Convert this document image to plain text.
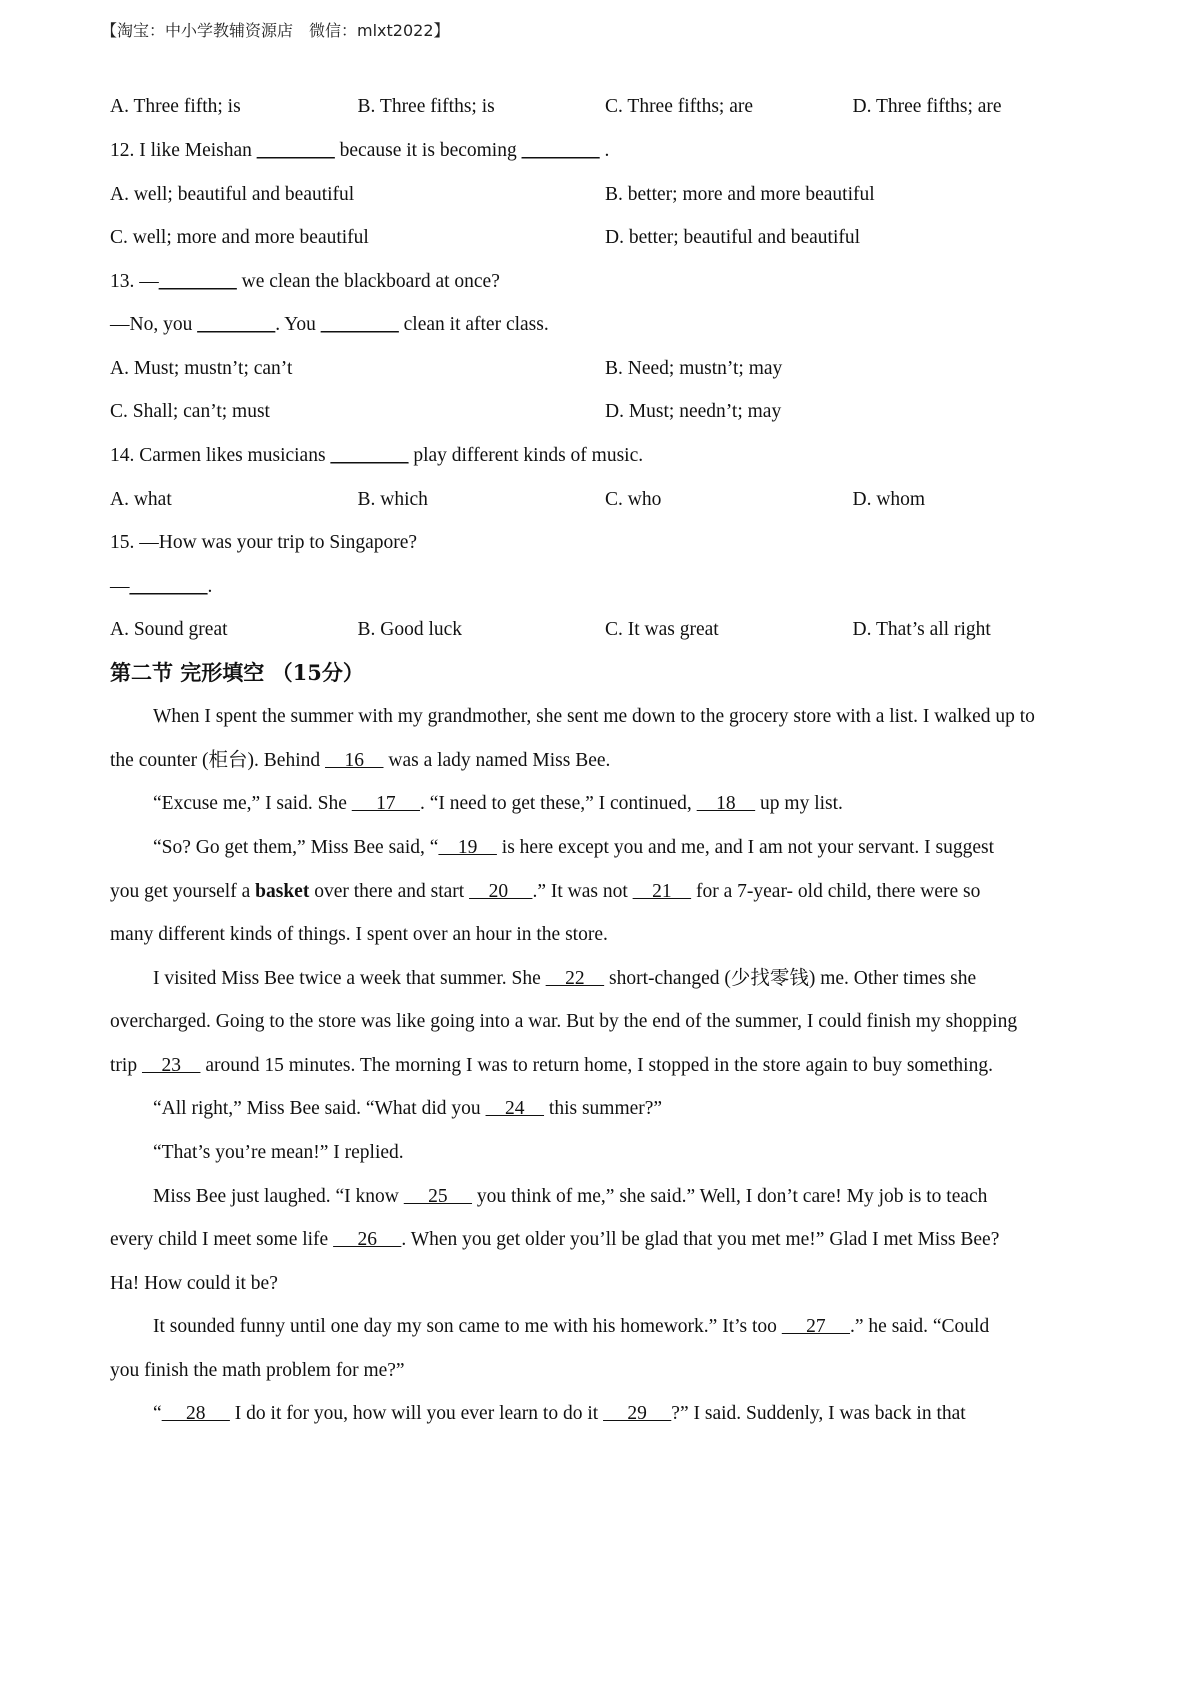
【淘宝：中小学教辅资源店　微信：mlxt2022】
A. Three fifth; is	B. Three fifths; is	C. Three fifths; are	D. Three fifths; are
12. I like Meishan ________ because it is becoming ________ .
A. well; beautiful and beautiful	B. better; more and more beautiful
C. well; more and more beautiful	D. better; beautiful and beautiful
13. —________ we clean the blackboard at once?
—No, you ________. You ________ clean it after class.
A. Must; mustn’t; can’t	B. Need; mustn’t; may
C. Shall; can’t; must	D. Must; needn’t; may
14. Carmen likes musicians ________ play different kinds of music.
A. what	B. which	C. who	D. whom
15. —How was your trip to Singapore?
—________.
A. Sound great	B. Good luck	C. It was great	D. That’s all right
第二节 完形填空 （15分）
When I spent the summer with my grandmother, she sent me down to the grocery store with a list. I walked up to
the counter (柜台). Behind     16     was a lady named Miss Bee.
“Excuse me,” I said. She      17     . “I need to get these,” I continued,     18     up my list.
“So? Go get them,” Miss Bee said, “    19     is here except you and me, and I am not your servant. I suggest
you get yourself a basket over there and start     20     .” It was not     21     for a 7-year- old child, there were so
many different kinds of things. I spent over an hour in the store.
I visited Miss Bee twice a week that summer. She     22     short-changed (少找零钱) me. Other times she
overcharged. Going to the store was like going into a war. But by the end of the summer, I could finish my shopping
trip     23     around 15 minutes. The morning I was to return home, I stopped in the store again to buy something.
“All right,” Miss Bee said. “What did you     24     this summer?”
“That’s you’re mean!” I replied.
Miss Bee just laughed. “I know      25      you think of me,” she said.” Well, I don’t care! My job is to teach
every child I meet some life      26     . When you get older you’ll be glad that you met me!” Glad I met Miss Bee?
Ha! How could it be?
It sounded funny until one day my son came to me with his homework.” It’s too      27     .” he said. “Could
you finish the math problem for me?”
“     28      I do it for you, how will you ever learn to do it      29     ?” I said. Suddenly, I was back in that
